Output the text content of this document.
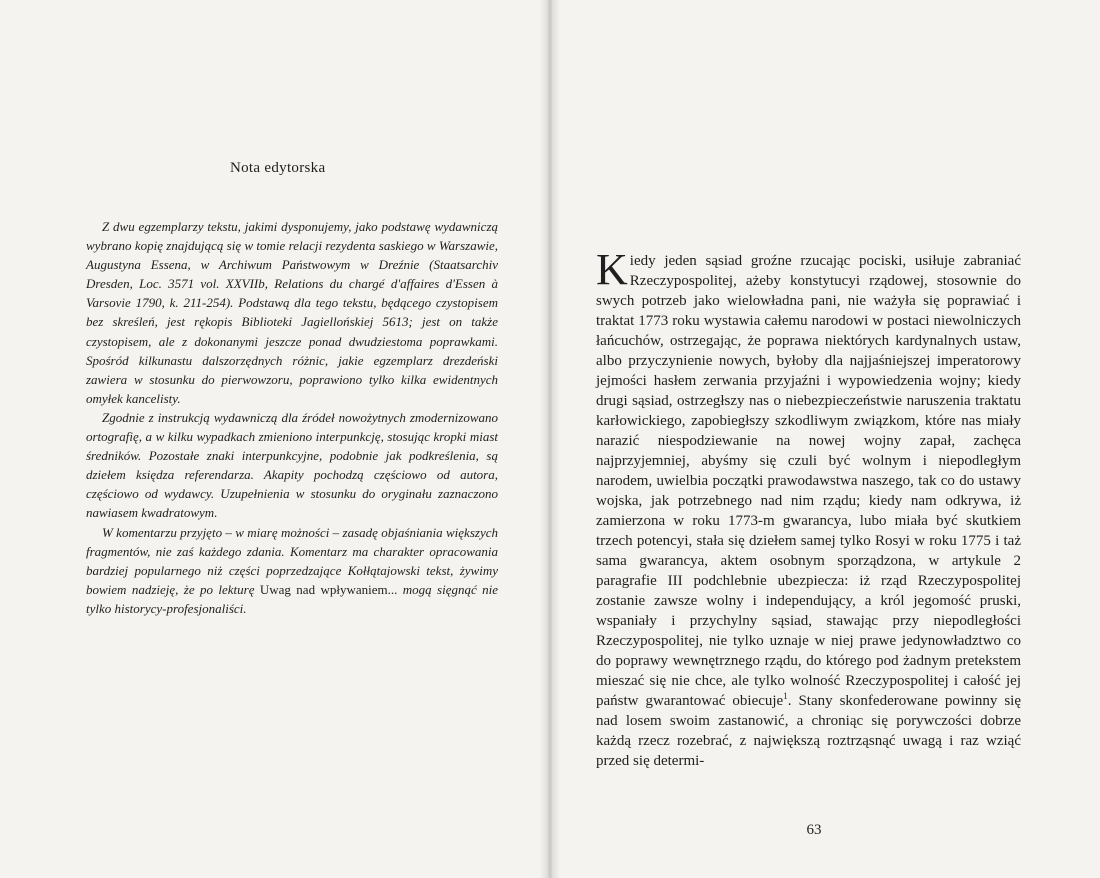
Nota edytorska

Z dwu egzemplarzy tekstu, jakimi dysponujemy, jako podstawę wydawniczą wybrano kopię znajdującą się w tomie relacji rezydenta saskiego w Warszawie, Augustyna Essena, w Archiwum Państwowym w Dreźnie (Staatsarchiv Dresden, Loc. 3571 vol. XXVIIb, Relations du chargé d'affaires d'Essen à Varsovie 1790, k. 211-254). Podstawą dla tego tekstu, będącego czystopisem bez skreśleń, jest rękopis Biblioteki Jagiellońskiej 5613; jest on także czystopisem, ale z dokonanymi jeszcze ponad dwudziestoma poprawkami. Spośród kilkunastu dalszorzędnych różnic, jakie egzemplarz drezdeński zawiera w stosunku do pierwowzoru, poprawiono tylko kilka ewidentnych omyłek kancelisty.

Zgodnie z instrukcją wydawniczą dla źródeł nowożytnych zmodernizowano ortografię, a w kilku wypadkach zmieniono interpunkcję, stosując kropki miast średników. Pozostałe znaki interpunkcyjne, podobnie jak podkreślenia, są dziełem księdza referendarza. Akapity pochodzą częściowo od autora, częściowo od wydawcy. Uzupełnienia w stosunku do oryginału zaznaczono nawiasem kwadratowym.

W komentarzu przyjęto – w miarę możności – zasadę objaśniania większych fragmentów, nie zaś każdego zdania. Komentarz ma charakter opracowania bardziej popularnego niż części poprzedzające Kołłątajowski tekst, żywimy bowiem nadzieję, że po lekturę Uwag nad wpływaniem... mogą sięgnąć nie tylko historycy-profesjonaliści.

Kiedy jeden sąsiad groźne rzucając pociski, usiłuje zabraniać Rzeczypospolitej, ażeby konstytucyi rządowej, stosownie do swych potrzeb jako wielowładna pani, nie ważyła się poprawiać i traktat 1773 roku wystawia całemu narodowi w postaci niewolniczych łańcuchów, ostrzegając, że poprawa niektórych kardynalnych ustaw, albo przyczynienie nowych, byłoby dla najjaśniejszej imperatorowy jejmości hasłem zerwania przyjaźni i wypowiedzenia wojny; kiedy drugi sąsiad, ostrzegłszy nas o niebezpieczeństwie naruszenia traktatu karłowickiego, zapobiegłszy szkodliwym związkom, które nas miały narazić niespodziewanie na nowej wojny zapał, zachęca najprzyjemniej, abyśmy się czuli być wolnym i niepodległym narodem, uwielbia początki prawodawstwa naszego, tak co do ustawy wojska, jak potrzebnego nad nim rządu; kiedy nam odkrywa, iż zamierzona w roku 1773-m gwarancya, lubo miała być skutkiem trzech potencyi, stała się dziełem samej tylko Rosyi w roku 1775 i taż sama gwarancya, aktem osobnym sporządzona, w artykule 2 paragrafie III podchlebnie ubezpiecza: iż rząd Rzeczypospolitej zostanie zawsze wolny i independujący, a król jegomość pruski, wspaniały i przychylny sąsiad, stawając przy niepodległości Rzeczypospolitej, nie tylko uznaje w niej prawe jedynowładztwo co do poprawy wewnętrznego rządu, do którego pod żadnym pretekstem mieszać się nie chce, ale tylko wolność Rzeczypospolitej i całość jej państw gwarantować obiecuje$^1$. Stany skonfederowane powinny się nad losem swoim zastanowić, a chroniąc się porywczości dobrze każdą rzecz rozebrać, z największą roztrząsnąć uwagą i raz wziąć przed się determi-

63
